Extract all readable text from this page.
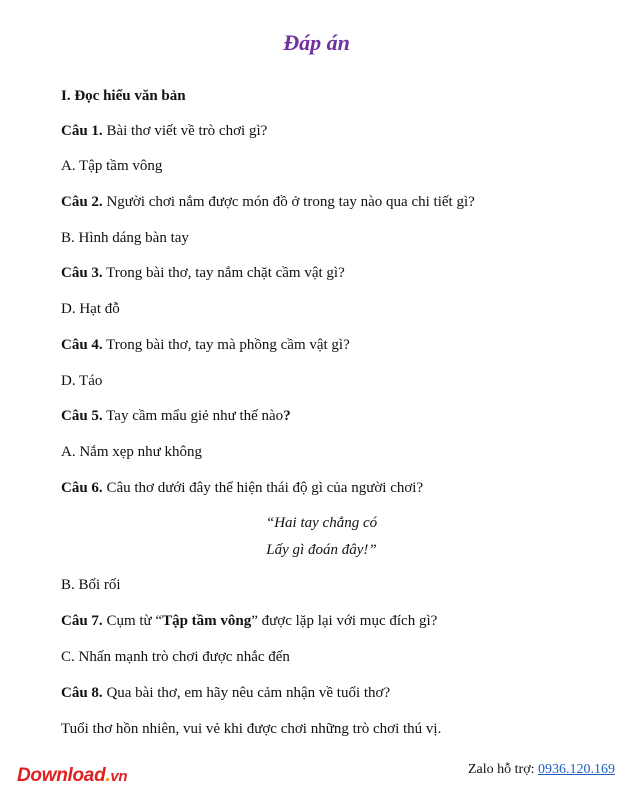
Đáp án
I. Đọc hiểu văn bản
Câu 1. Bài thơ viết về trò chơi gì?
A. Tập tầm vông
Câu 2. Người chơi nắm được món đồ ở trong tay nào qua chi tiết gì?
B. Hình dáng bàn tay
Câu 3. Trong bài thơ, tay nắm chặt cầm vật gì?
D. Hạt đỗ
Câu 4. Trong bài thơ, tay mà phồng cầm vật gì?
D. Táo
Câu 5. Tay cầm mẩu giẻ như thế nào?
A. Nắm xẹp như không
Câu 6. Câu thơ dưới đây thể hiện thái độ gì của người chơi?
“Hai tay chẳng có
Lấy gì đoán đây!”
B. Bối rối
Câu 7. Cụm từ “Tập tầm vông” được lặp lại với mục đích gì?
C. Nhấn mạnh trò chơi được nhắc đến
Câu 8. Qua bài thơ, em hãy nêu cảm nhận về tuổi thơ?
Tuổi thơ hồn nhiên, vui vẻ khi được chơi những trò chơi thú vị.
Download.vn	Zalo hỗ trợ: 0936.120.169
